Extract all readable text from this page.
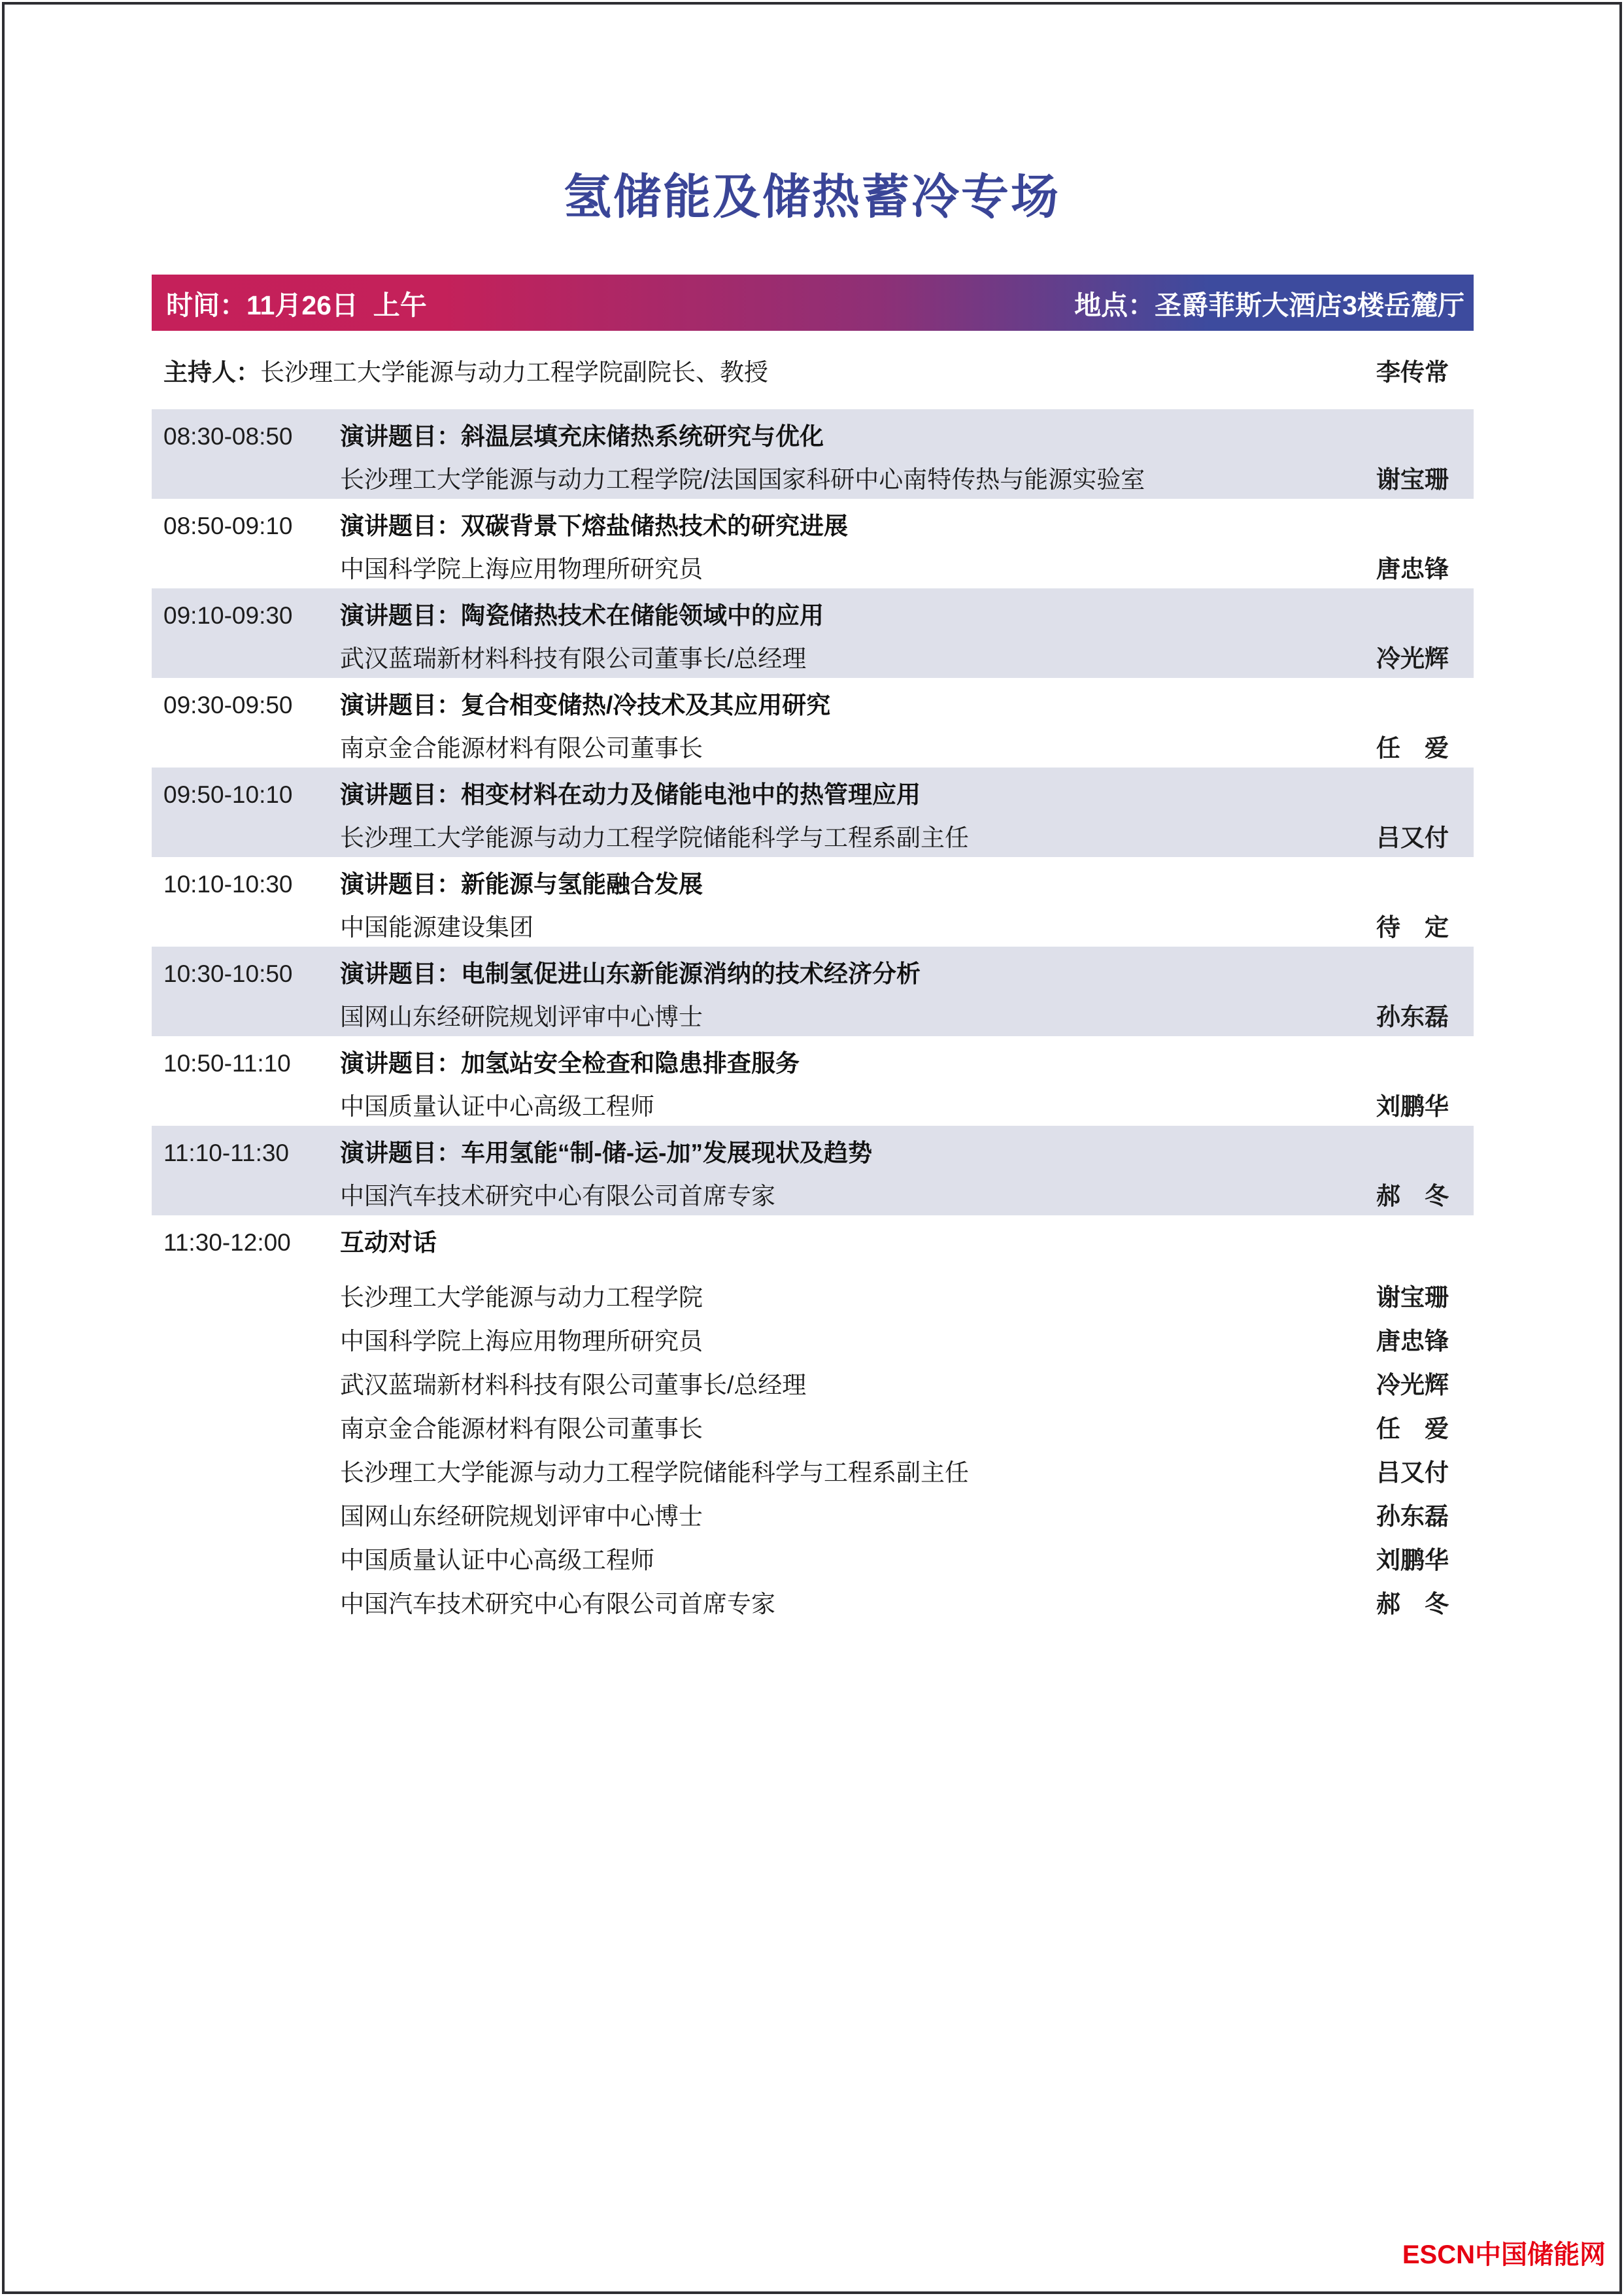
氢储能及储热蓄冷专场
时间：11月26日  上午	地点：圣爵菲斯大酒店3楼岳麓厅
主持人： 长沙理工大学能源与动力工程学院副院长、教授	李传常
08:30-08:50	演讲题目： 斜温层填充床储热系统研究与优化
长沙理工大学能源与动力工程学院/法国国家科研中心南特传热与能源实验室	谢宝珊
08:50-09:10	演讲题目： 双碳背景下熔盐储热技术的研究进展
中国科学院上海应用物理所研究员	唐忠锋
09:10-09:30	演讲题目： 陶瓷储热技术在储能领域中的应用
武汉蓝瑞新材料科技有限公司董事长/总经理	冷光辉
09:30-09:50	演讲题目： 复合相变储热/冷技术及其应用研究
南京金合能源材料有限公司董事长	任　爱
09:50-10:10	演讲题目： 相变材料在动力及储能电池中的热管理应用
长沙理工大学能源与动力工程学院储能科学与工程系副主任	吕又付
10:10-10:30	演讲题目： 新能源与氢能融合发展
中国能源建设集团	待　定
10:30-10:50	演讲题目： 电制氢促进山东新能源消纳的技术经济分析
国网山东经研院规划评审中心博士	孙东磊
10:50-11:10	演讲题目： 加氢站安全检查和隐患排查服务
中国质量认证中心高级工程师	刘鹏华
11:10-11:30	演讲题目： 车用氢能“制-储-运-加”发展现状及趋势
中国汽车技术研究中心有限公司首席专家	郝　冬
11:30-12:00	互动对话
长沙理工大学能源与动力工程学院	谢宝珊
中国科学院上海应用物理所研究员	唐忠锋
武汉蓝瑞新材料科技有限公司董事长/总经理	冷光辉
南京金合能源材料有限公司董事长	任　爱
长沙理工大学能源与动力工程学院储能科学与工程系副主任	吕又付
国网山东经研院规划评审中心博士	孙东磊
中国质量认证中心高级工程师	刘鹏华
中国汽车技术研究中心有限公司首席专家	郝　冬
ESCN中国储能网
